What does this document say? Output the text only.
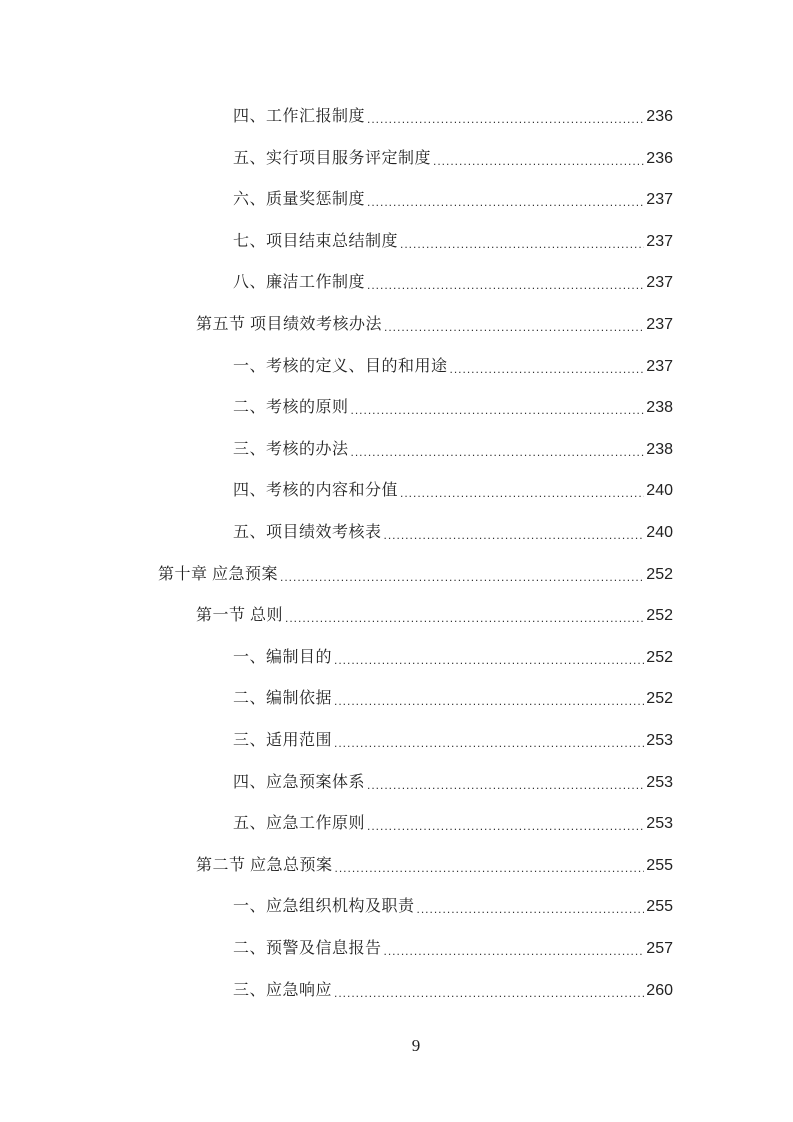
四、工作汇报制度 .....	236
五、实行项目服务评定制度 .....	236
六、质量奖惩制度 .....	237
七、项目结束总结制度 .....	237
八、廉洁工作制度 .....	237
第五节 项目绩效考核办法 .....	237
一、考核的定义、目的和用途 .....	237
二、考核的原则 .....	238
三、考核的办法 .....	238
四、考核的内容和分值 .....	240
五、项目绩效考核表 .....	240
第十章 应急预案 .....	252
第一节 总则 .....	252
一、编制目的 .....	252
二、编制依据 .....	252
三、适用范围 .....	253
四、应急预案体系 .....	253
五、应急工作原则 .....	253
第二节 应急总预案 .....	255
一、应急组织机构及职责 .....	255
二、预警及信息报告 .....	257
三、应急响应 .....	260
9
